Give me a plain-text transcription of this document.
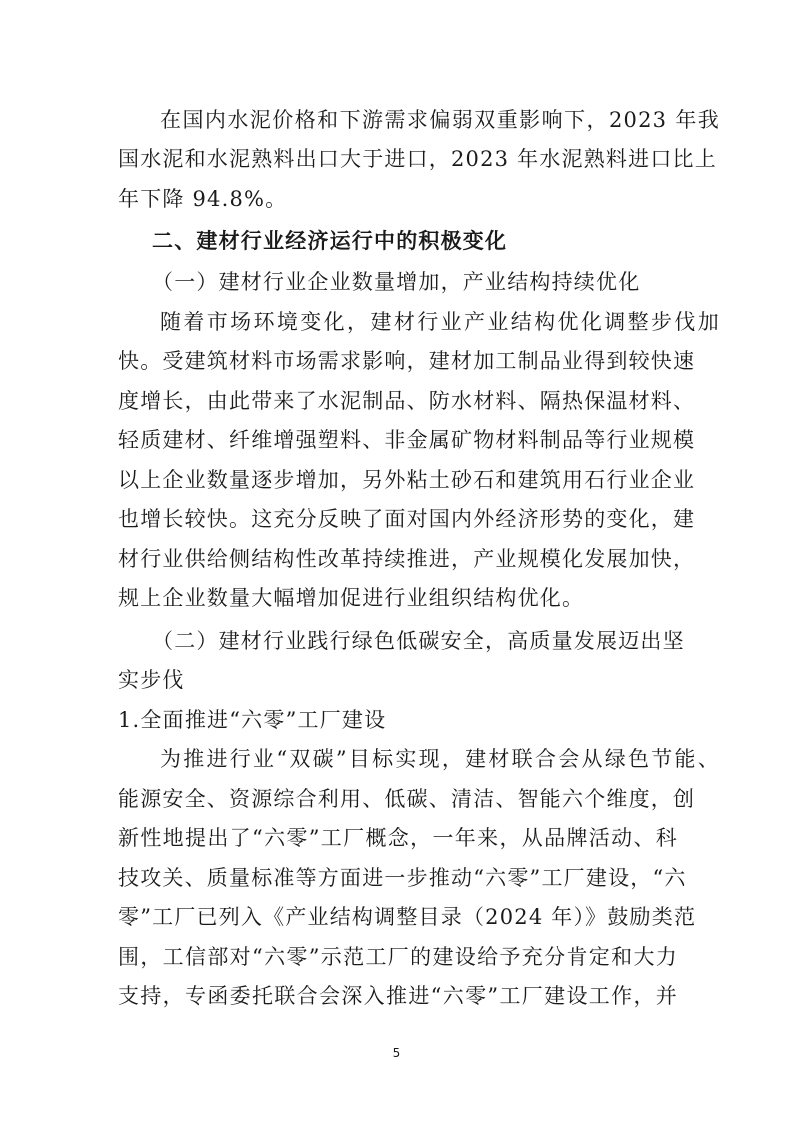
在国内水泥价格和下游需求偏弱双重影响下，2023 年我
国水泥和水泥熟料出口大于进口，2023 年水泥熟料进口比上
年下降 94.8%。
二、建材行业经济运行中的积极变化
（一）建材行业企业数量增加，产业结构持续优化
随着市场环境变化，建材行业产业结构优化调整步伐加
快。受建筑材料市场需求影响，建材加工制品业得到较快速
度增长，由此带来了水泥制品、防水材料、隔热保温材料、
轻质建材、纤维增强塑料、非金属矿物材料制品等行业规模
以上企业数量逐步增加，另外粘土砂石和建筑用石行业企业
也增长较快。这充分反映了面对国内外经济形势的变化，建
材行业供给侧结构性改革持续推进，产业规模化发展加快，
规上企业数量大幅增加促进行业组织结构优化。
（二）建材行业践行绿色低碳安全，高质量发展迈出坚
实步伐
1.全面推进“六零”工厂建设
为推进行业“双碳”目标实现，建材联合会从绿色节能、
能源安全、资源综合利用、低碳、清洁、智能六个维度，创
新性地提出了“六零”工厂概念，一年来，从品牌活动、科
技攻关、质量标准等方面进一步推动“六零”工厂建设，“六
零”工厂已列入《产业结构调整目录（2024 年）》鼓励类范
围，工信部对“六零”示范工厂的建设给予充分肯定和大力
支持，专函委托联合会深入推进“六零”工厂建设工作，并
5
